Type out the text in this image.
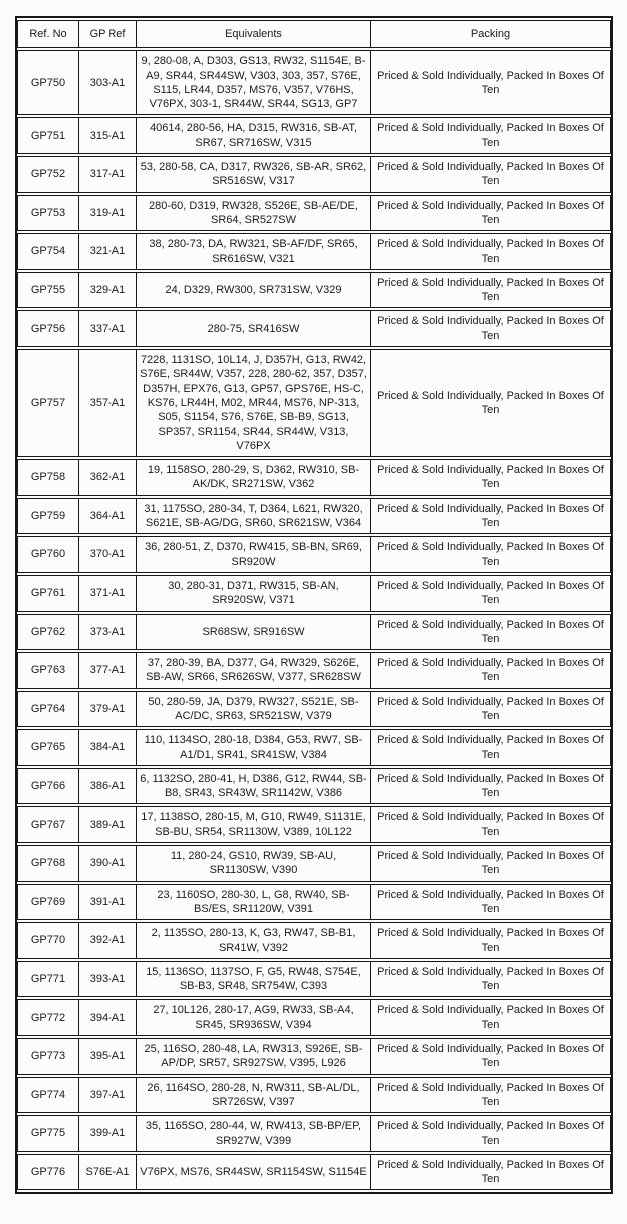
Ref. No	GP Ref	Equivalents	Packing
GP750	303-A1	9, 280-08, A, D303, GS13, RW32, S1154E, B-A9, SR44, SR44SW, V303, 303, 357, S76E, S115, LR44, D357, MS76, V357, V76HS, V76PX, 303-1, SR44W, SR44, SG13, GP7	Priced & Sold Individually, Packed In Boxes Of Ten
GP751	315-A1	40614, 280-56, HA, D315, RW316, SB-AT, SR67, SR716SW, V315	Priced & Sold Individually, Packed In Boxes Of Ten
GP752	317-A1	53, 280-58, CA, D317, RW326, SB-AR, SR62, SR516SW, V317	Priced & Sold Individually, Packed In Boxes Of Ten
GP753	319-A1	280-60, D319, RW328, S526E, SB-AE/DE, SR64, SR527SW	Priced & Sold Individually, Packed In Boxes Of Ten
GP754	321-A1	38, 280-73, DA, RW321, SB-AF/DF, SR65, SR616SW, V321	Priced & Sold Individually, Packed In Boxes Of Ten
GP755	329-A1	24, D329, RW300, SR731SW, V329	Priced & Sold Individually, Packed In Boxes Of Ten
GP756	337-A1	280-75, SR416SW	Priced & Sold Individually, Packed In Boxes Of Ten
GP757	357-A1	7228, 1131SO, 10L14, J, D357H, G13, RW42, S76E, SR44W, V357, 228, 280-62, 357, D357, D357H, EPX76, G13, GP57, GPS76E, HS-C, KS76, LR44H, M02, MR44, MS76, NP-313, S05, S1154, S76, S76E, SB-B9, SG13, SP357, SR1154, SR44, SR44W, V313, V76PX	Priced & Sold Individually, Packed In Boxes Of Ten
GP758	362-A1	19, 1158SO, 280-29, S, D362, RW310, SB-AK/DK, SR271SW, V362	Priced & Sold Individually, Packed In Boxes Of Ten
GP759	364-A1	31, 1175SO, 280-34, T, D364, L621, RW320, S621E, SB-AG/DG, SR60, SR621SW, V364	Priced & Sold Individually, Packed In Boxes Of Ten
GP760	370-A1	36, 280-51, Z, D370, RW415, SB-BN, SR69, SR920W	Priced & Sold Individually, Packed In Boxes Of Ten
GP761	371-A1	30, 280-31, D371, RW315, SB-AN, SR920SW, V371	Priced & Sold Individually, Packed In Boxes Of Ten
GP762	373-A1	SR68SW, SR916SW	Priced & Sold Individually, Packed In Boxes Of Ten
GP763	377-A1	37, 280-39, BA, D377, G4, RW329, S626E, SB-AW, SR66, SR626SW, V377, SR628SW	Priced & Sold Individually, Packed In Boxes Of Ten
GP764	379-A1	50, 280-59, JA, D379, RW327, S521E, SB-AC/DC, SR63, SR521SW, V379	Priced & Sold Individually, Packed In Boxes Of Ten
GP765	384-A1	110, 1134SO, 280-18, D384, G53, RW7, SB-A1/D1, SR41, SR41SW, V384	Priced & Sold Individually, Packed In Boxes Of Ten
GP766	386-A1	6, 1132SO, 280-41, H, D386, G12, RW44, SB-B8, SR43, SR43W, SR1142W, V386	Priced & Sold Individually, Packed In Boxes Of Ten
GP767	389-A1	17, 1138SO, 280-15, M, G10, RW49, S1131E, SB-BU, SR54, SR1130W, V389, 10L122	Priced & Sold Individually, Packed In Boxes Of Ten
GP768	390-A1	11, 280-24, GS10, RW39, SB-AU, SR1130SW, V390	Priced & Sold Individually, Packed In Boxes Of Ten
GP769	391-A1	23, 1160SO, 280-30, L, G8, RW40, SB-BS/ES, SR1120W, V391	Priced & Sold Individually, Packed In Boxes Of Ten
GP770	392-A1	2, 1135SO, 280-13, K, G3, RW47, SB-B1, SR41W, V392	Priced & Sold Individually, Packed In Boxes Of Ten
GP771	393-A1	15, 1136SO, 1137SO, F, G5, RW48, S754E, SB-B3, SR48, SR754W, C393	Priced & Sold Individually, Packed In Boxes Of Ten
GP772	394-A1	27, 10L126, 280-17, AG9, RW33, SB-A4, SR45, SR936SW, V394	Priced & Sold Individually, Packed In Boxes Of Ten
GP773	395-A1	25, 116SO, 280-48, LA, RW313, S926E, SB-AP/DP, SR57, SR927SW, V395, L926	Priced & Sold Individually, Packed In Boxes Of Ten
GP774	397-A1	26, 1164SO, 280-28, N, RW311, SB-AL/DL, SR726SW, V397	Priced & Sold Individually, Packed In Boxes Of Ten
GP775	399-A1	35, 1165SO, 280-44, W, RW413, SB-BP/EP, SR927W, V399	Priced & Sold Individually, Packed In Boxes Of Ten
GP776	S76E-A1	V76PX, MS76, SR44SW, SR1154SW, S1154E	Priced & Sold Individually, Packed In Boxes Of Ten
